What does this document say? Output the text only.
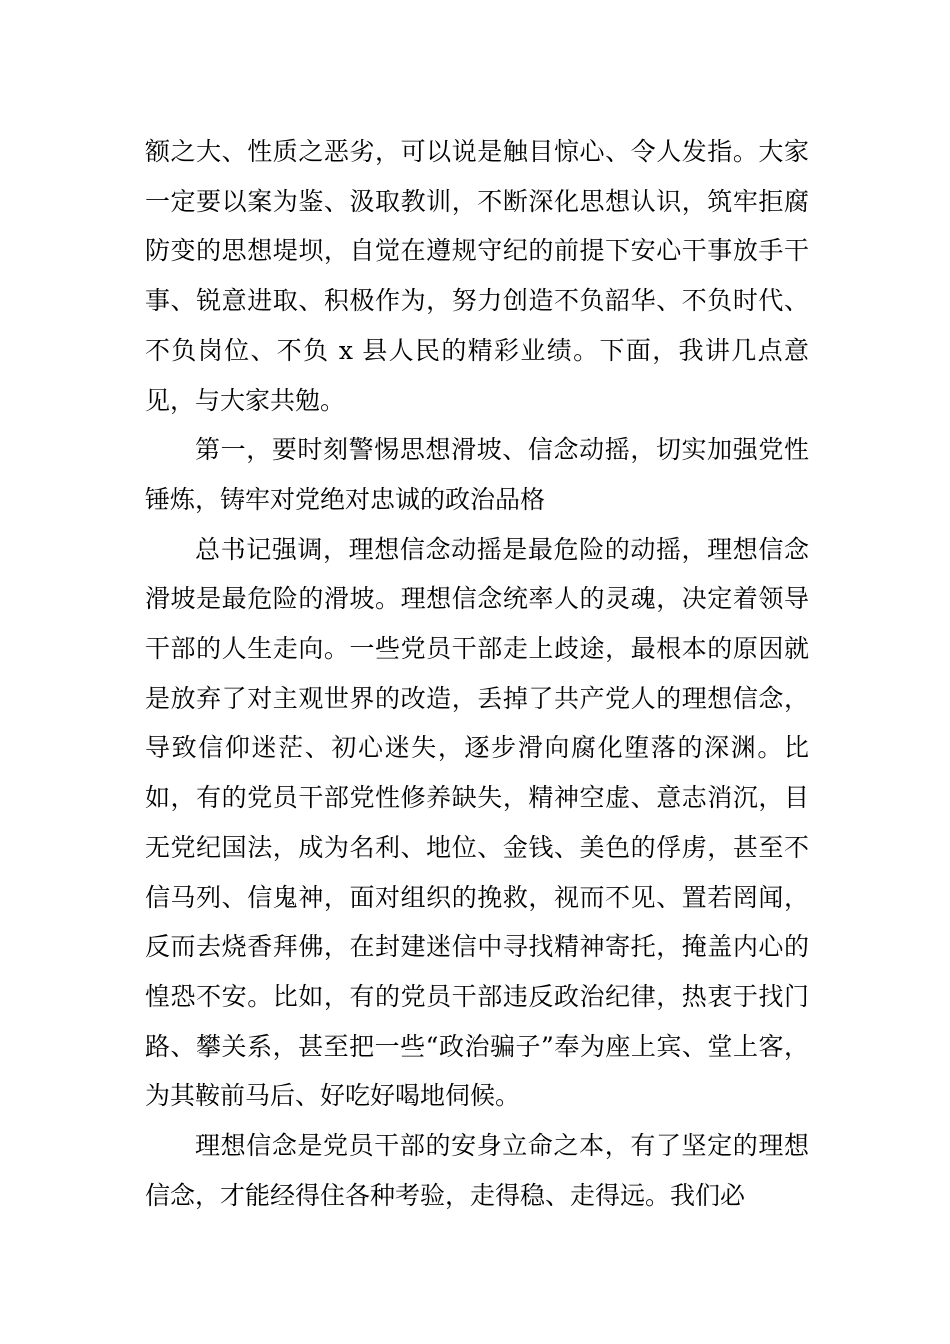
额之大、性质之恶劣，可以说是触目惊心、令人发指。大家一定要以案为鉴、汲取教训，不断深化思想认识，筑牢拒腐防变的思想堤坝，自觉在遵规守纪的前提下安心干事放手干事、锐意进取、积极作为，努力创造不负韶华、不负时代、不负岗位、不负 x 县人民的精彩业绩。下面，我讲几点意见，与大家共勉。

第一，要时刻警惕思想滑坡、信念动摇，切实加强党性锤炼，铸牢对党绝对忠诚的政治品格

总书记强调，理想信念动摇是最危险的动摇，理想信念滑坡是最危险的滑坡。理想信念统率人的灵魂，决定着领导干部的人生走向。一些党员干部走上歧途，最根本的原因就是放弃了对主观世界的改造，丢掉了共产党人的理想信念，导致信仰迷茫、初心迷失，逐步滑向腐化堕落的深渊。比如，有的党员干部党性修养缺失，精神空虚、意志消沉，目无党纪国法，成为名利、地位、金钱、美色的俘虏，甚至不信马列、信鬼神，面对组织的挽救，视而不见、置若罔闻，反而去烧香拜佛，在封建迷信中寻找精神寄托，掩盖内心的惶恐不安。比如，有的党员干部违反政治纪律，热衷于找门路、攀关系，甚至把一些“政治骗子”奉为座上宾、堂上客，为其鞍前马后、好吃好喝地伺候。

理想信念是党员干部的安身立命之本，有了坚定的理想信念，才能经得住各种考验，走得稳、走得远。我们必
